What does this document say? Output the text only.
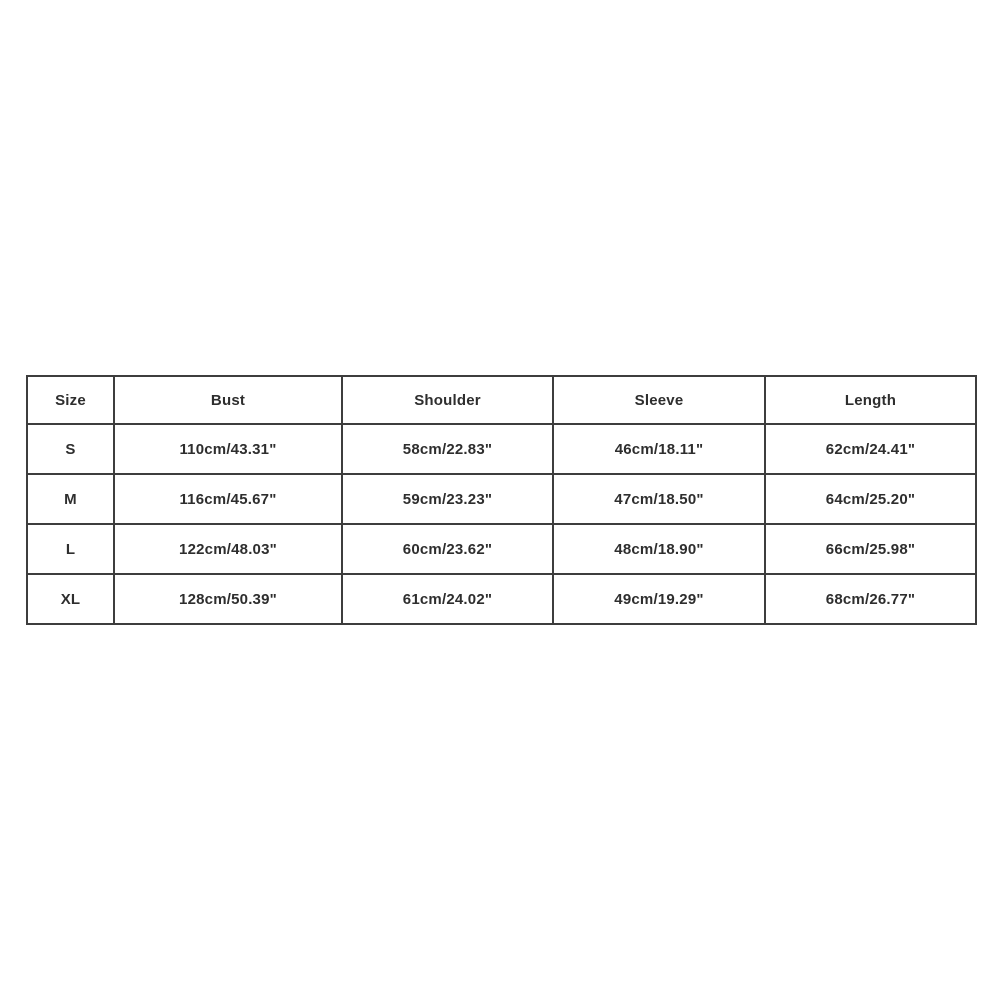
Size	Bust	Shoulder	Sleeve	Length
S	110cm/43.31"	58cm/22.83"	46cm/18.11"	62cm/24.41"
M	116cm/45.67"	59cm/23.23"	47cm/18.50"	64cm/25.20"
L	122cm/48.03"	60cm/23.62"	48cm/18.90"	66cm/25.98"
XL	128cm/50.39"	61cm/24.02"	49cm/19.29"	68cm/26.77"
